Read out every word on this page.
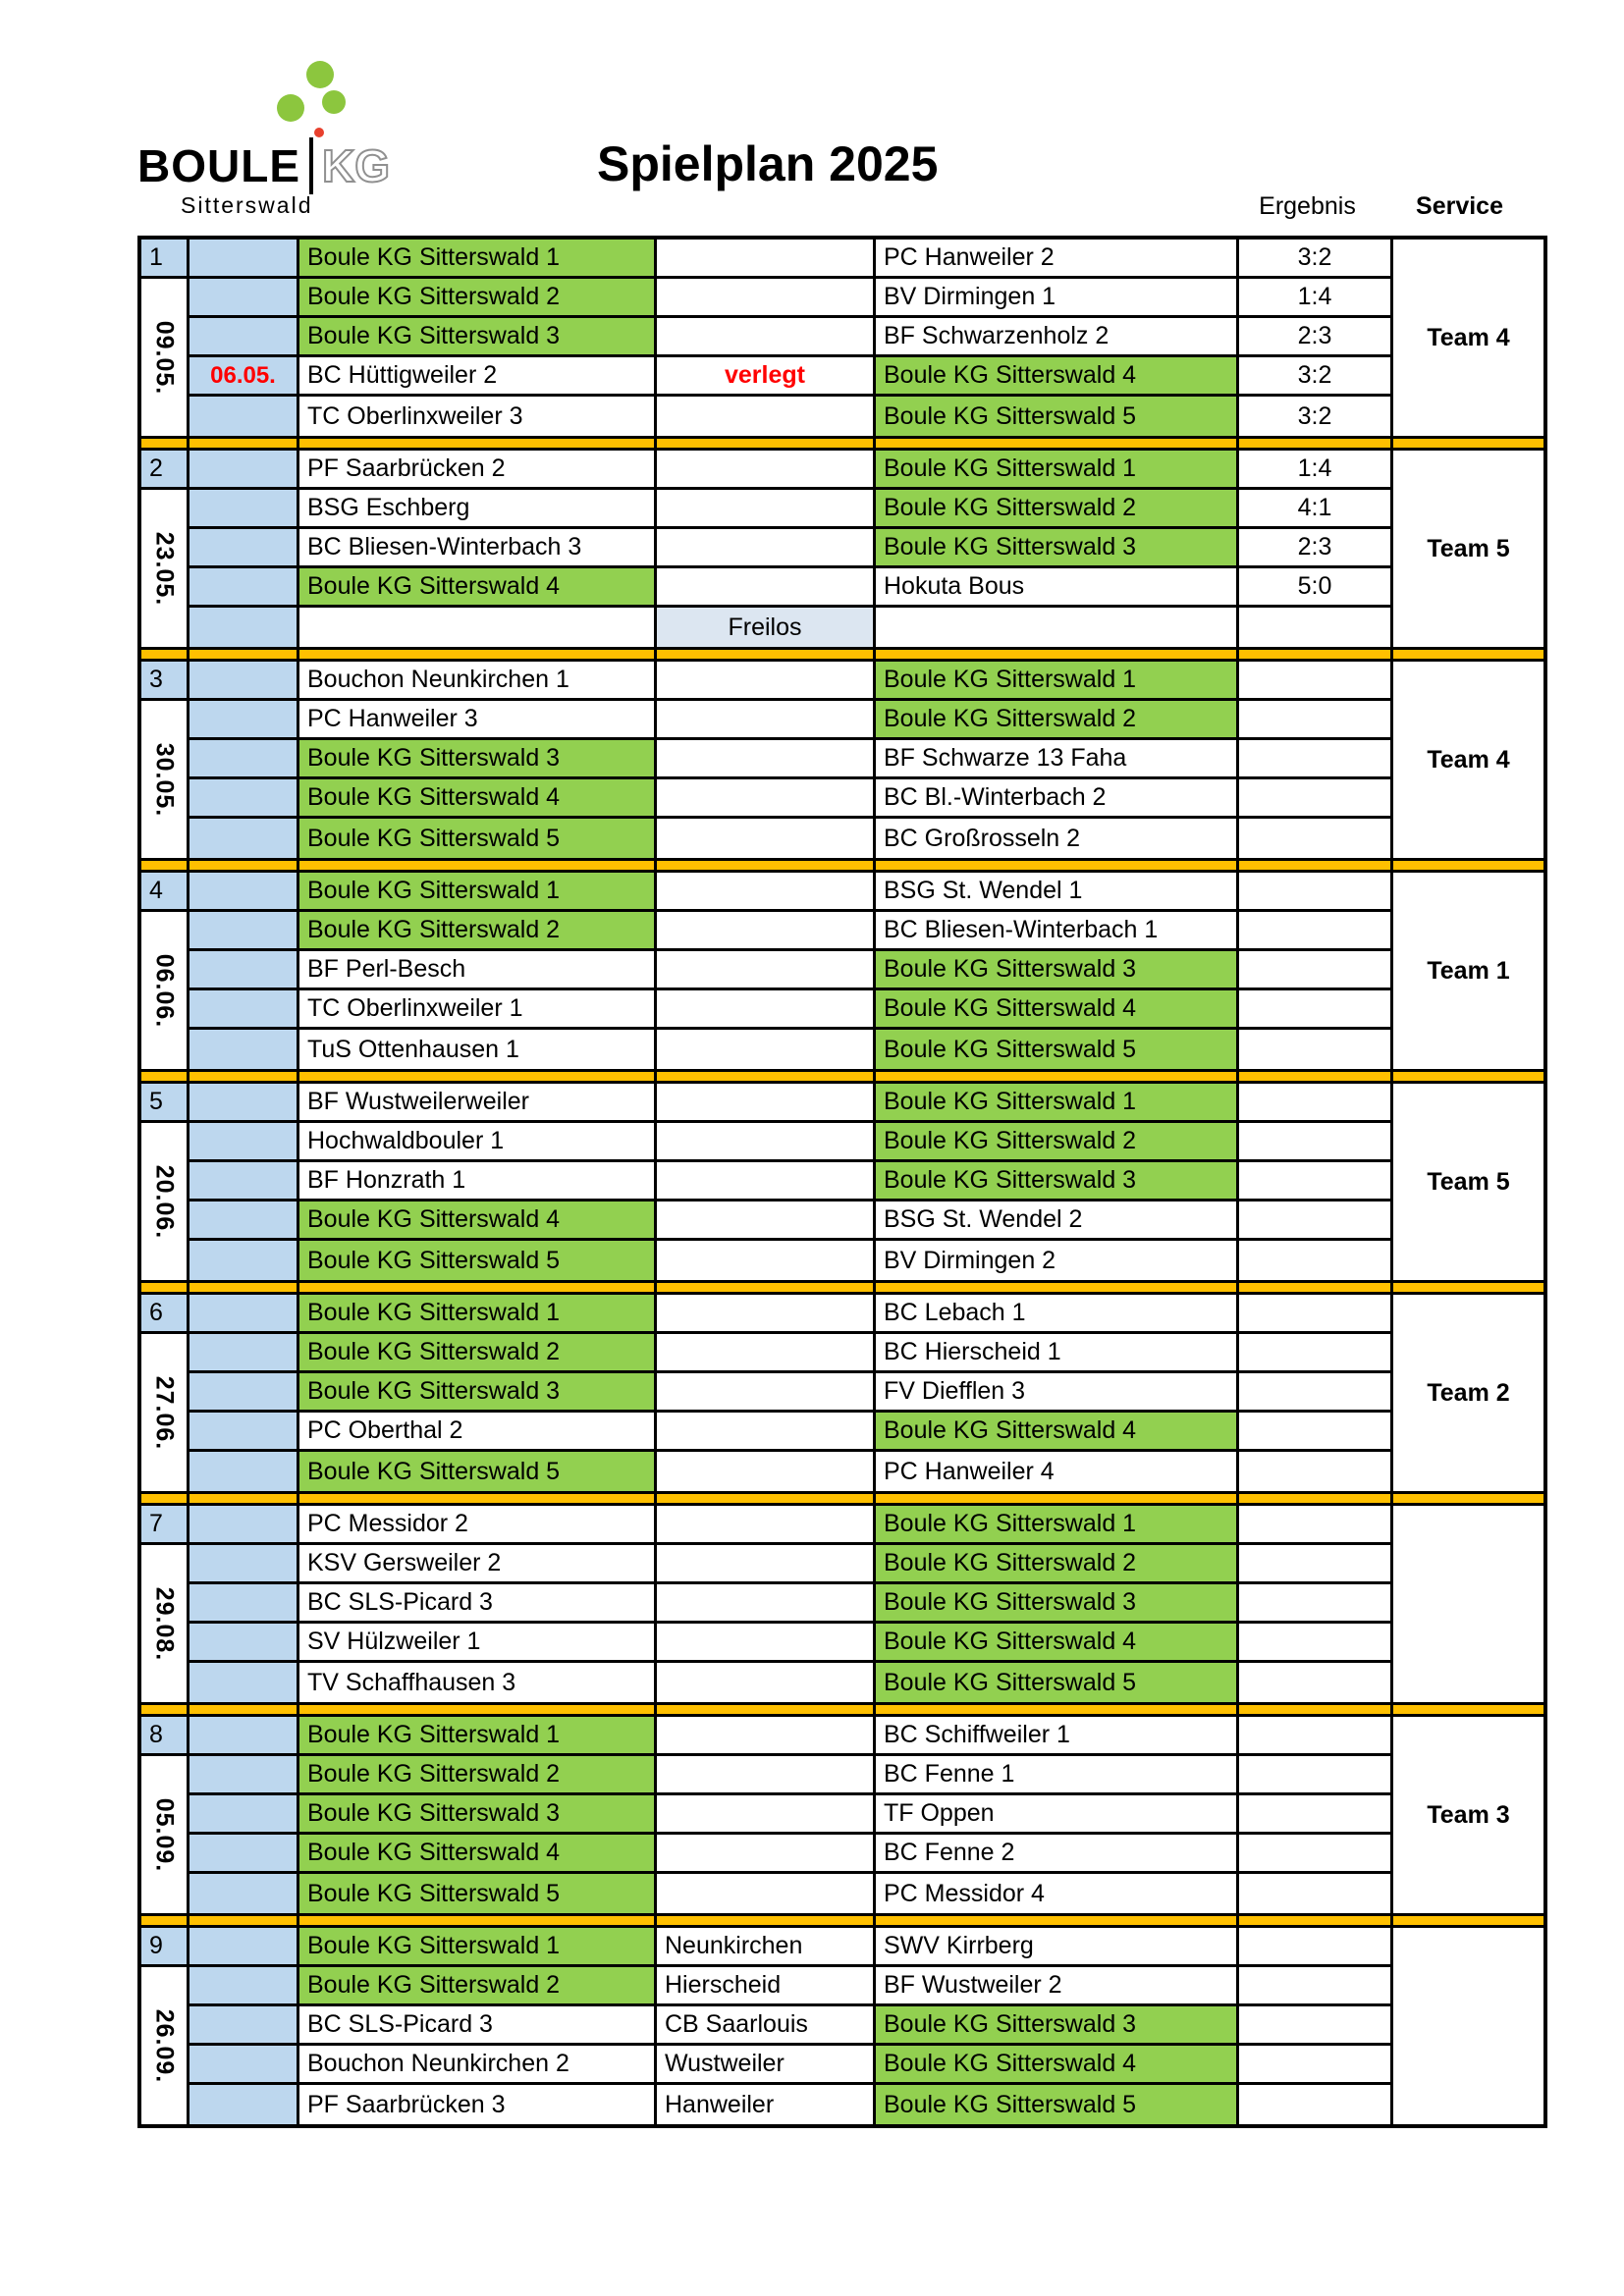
BOULE KG
Sitterswald
Spielplan 2025
Ergebnis	Service
1
09.05.
Boule KG Sitterswald 1	PC Hanweiler 2	3:2
Boule KG Sitterswald 2	BV Dirmingen 1	1:4
Boule KG Sitterswald 3	BF Schwarzenholz 2	2:3
06.05.	BC Hüttigweiler 2	verlegt	Boule KG Sitterswald 4	3:2
TC Oberlinxweiler 3	Boule KG Sitterswald 5	3:2
Team 4
2
23.05.
PF Saarbrücken 2	Boule KG Sitterswald 1	1:4
BSG Eschberg	Boule KG Sitterswald 2	4:1
BC Bliesen-Winterbach 3	Boule KG Sitterswald 3	2:3
Boule KG Sitterswald 4	Hokuta Bous	5:0
Freilos
Team 5
3
30.05.
Bouchon Neunkirchen 1	Boule KG Sitterswald 1
PC Hanweiler 3	Boule KG Sitterswald 2
Boule KG Sitterswald 3	BF Schwarze 13 Faha
Boule KG Sitterswald 4	BC Bl.-Winterbach 2
Boule KG Sitterswald 5	BC Großrosseln 2
Team 4
4
06.06.
Boule KG Sitterswald 1	BSG St. Wendel 1
Boule KG Sitterswald 2	BC Bliesen-Winterbach 1
BF Perl-Besch	Boule KG Sitterswald 3
TC Oberlinxweiler 1	Boule KG Sitterswald 4
TuS Ottenhausen 1	Boule KG Sitterswald 5
Team 1
5
20.06.
BF Wustweilerweiler	Boule KG Sitterswald 1
Hochwaldbouler 1	Boule KG Sitterswald 2
BF Honzrath 1	Boule KG Sitterswald 3
Boule KG Sitterswald 4	BSG St. Wendel 2
Boule KG Sitterswald 5	BV Dirmingen 2
Team 5
6
27.06.
Boule KG Sitterswald 1	BC Lebach 1
Boule KG Sitterswald 2	BC Hierscheid 1
Boule KG Sitterswald 3	FV Diefflen 3
PC Oberthal 2	Boule KG Sitterswald 4
Boule KG Sitterswald 5	PC Hanweiler 4
Team 2
7
29.08.
PC Messidor 2	Boule KG Sitterswald 1
KSV Gersweiler 2	Boule KG Sitterswald 2
BC SLS-Picard 3	Boule KG Sitterswald 3
SV Hülzweiler 1	Boule KG Sitterswald 4
TV Schaffhausen 3	Boule KG Sitterswald 5
8
05.09.
Boule KG Sitterswald 1	BC Schiffweiler 1
Boule KG Sitterswald 2	BC Fenne 1
Boule KG Sitterswald 3	TF Oppen
Boule KG Sitterswald 4	BC Fenne 2
Boule KG Sitterswald 5	PC Messidor 4
Team 3
9
26.09.
Boule KG Sitterswald 1	Neunkirchen	SWV Kirrberg
Boule KG Sitterswald 2	Hierscheid	BF Wustweiler 2
BC SLS-Picard 3	CB Saarlouis	Boule KG Sitterswald 3
Bouchon Neunkirchen 2	Wustweiler	Boule KG Sitterswald 4
PF Saarbrücken 3	Hanweiler	Boule KG Sitterswald 5
